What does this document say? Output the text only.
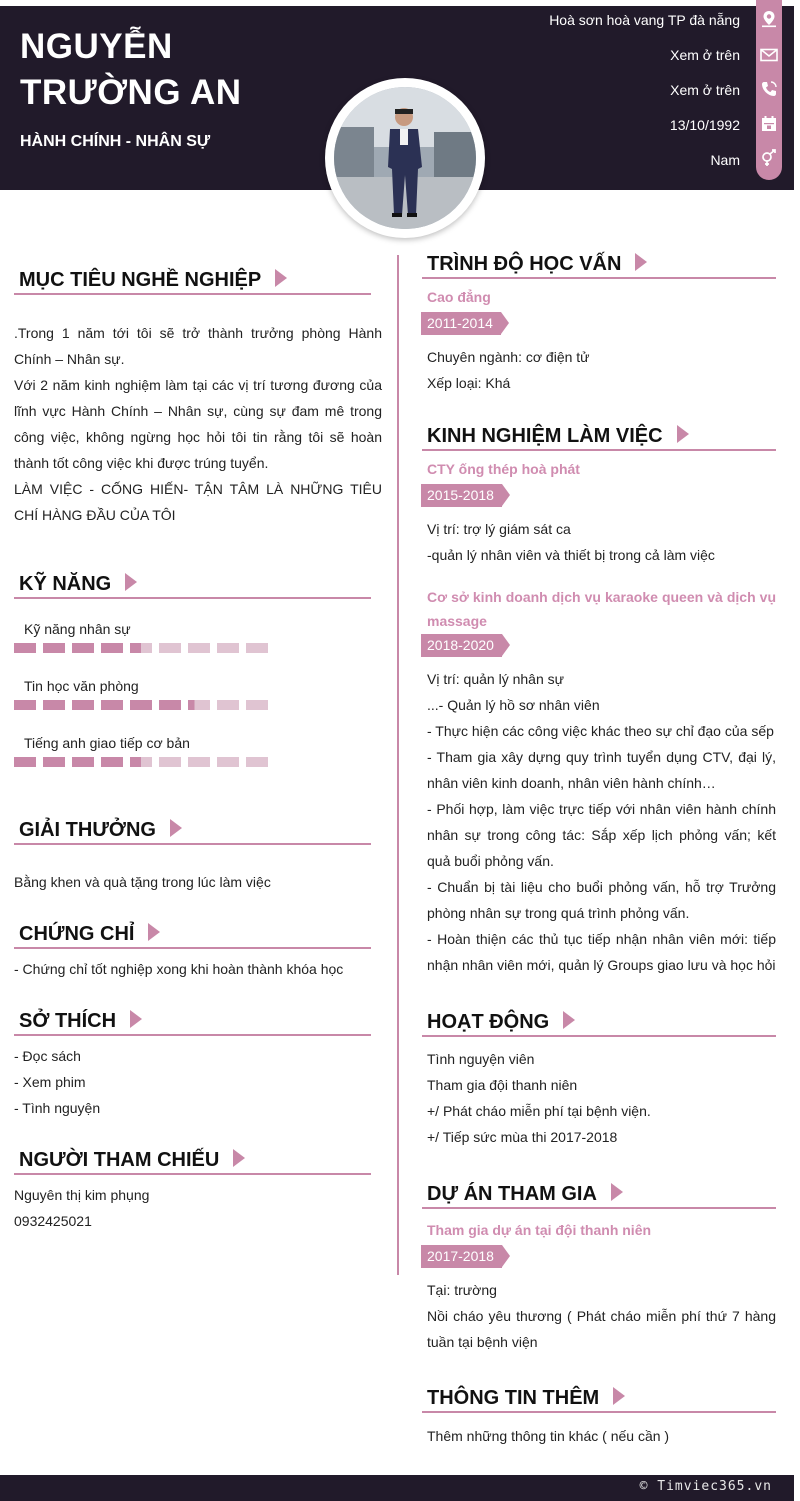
NGUYỄN TRƯỜNG AN
HÀNH CHÍNH - NHÂN SỰ
Hoà sơn hoà vang TP đà nẵng
Xem ở trên
Xem ở trên
13/10/1992
Nam
MỤC TIÊU NGHỀ NGHIỆP
.Trong 1 năm tới tôi sẽ trở thành trưởng phòng Hành Chính – Nhân sự.
Với 2 năm kinh nghiệm làm tại các vị trí tương đương của lĩnh vực Hành Chính – Nhân sự, cùng sự đam mê trong công việc, không ngừng học hỏi tôi tin rằng tôi sẽ hoàn thành tốt công việc khi được trúng tuyển.
LÀM VIỆC - CỐNG HIẾN- TẬN TÂM LÀ NHỮNG TIÊU CHÍ HÀNG ĐẦU CỦA TÔI
KỸ NĂNG
Kỹ năng nhân sự
Tin học văn phòng
Tiếng anh giao tiếp cơ bản
GIẢI THƯỞNG
Bằng khen và quà tặng trong lúc làm việc
CHỨNG CHỈ
- Chứng chỉ tốt nghiệp xong khi hoàn thành khóa học
SỞ THÍCH
- Đọc sách
- Xem phim
- Tình nguyện
NGƯỜI THAM CHIẾU
Nguyên thị kim phụng
0932425021
TRÌNH ĐỘ HỌC VẤN
Cao đẳng
2011-2014
Chuyên ngành: cơ điện tử
Xếp loại: Khá
KINH NGHIỆM LÀM VIỆC
CTY ống thép hoà phát
2015-2018
Vị trí: trợ lý giám sát ca
-quản lý nhân viên và thiết bị trong cả làm việc
Cơ sở kinh doanh dịch vụ karaoke queen và dịch vụ massage
2018-2020
Vị trí: quản lý nhân sự
...- Quản lý hồ sơ nhân viên
- Thực hiện các công việc khác theo sự chỉ đạo của sếp
- Tham gia xây dựng quy trình tuyển dụng CTV, đại lý, nhân viên kinh doanh, nhân viên hành chính…
- Phối hợp, làm việc trực tiếp với nhân viên hành chính nhân sự trong công tác: Sắp xếp lịch phỏng vấn; kết quả buổi phỏng vấn.
- Chuẩn bị tài liệu cho buổi phỏng vấn, hỗ trợ Trưởng phòng nhân sự trong quá trình phỏng vấn.
- Hoàn thiện các thủ tục tiếp nhận nhân viên mới: tiếp nhận nhân viên mới, quản lý Groups giao lưu và học hỏi
HOẠT ĐỘNG
Tình nguyện viên
Tham gia đội thanh niên
+/ Phát cháo miễn phí tại bệnh viện.
+/ Tiếp sức mùa thi 2017-2018
DỰ ÁN THAM GIA
Tham gia dự án tại đội thanh niên
2017-2018
Tại: trường
Nồi cháo yêu thương ( Phát cháo miễn phí thứ 7 hàng tuần tại bệnh viện
THÔNG TIN THÊM
Thêm những thông tin khác ( nếu cần )
© Timviec365.vn
